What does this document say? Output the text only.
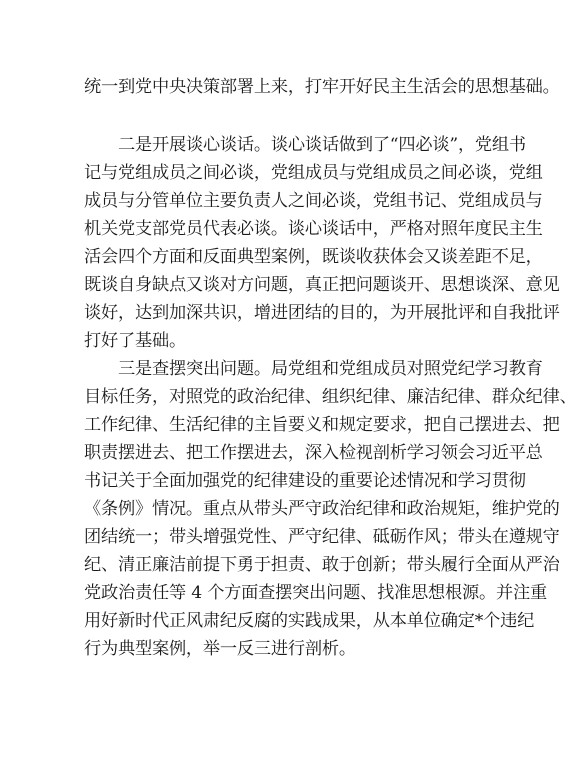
统一到党中央决策部署上来，打牢开好民主生活会的思想基础。
二是开展谈心谈话。谈心谈话做到了“四必谈”，党组书
记与党组成员之间必谈，党组成员与党组成员之间必谈，党组
成员与分管单位主要负责人之间必谈，党组书记、党组成员与
机关党支部党员代表必谈。谈心谈话中，严格对照年度民主生
活会四个方面和反面典型案例，既谈收获体会又谈差距不足，
既谈自身缺点又谈对方问题，真正把问题谈开、思想谈深、意见
谈好，达到加深共识，增进团结的目的，为开展批评和自我批评
打好了基础。
三是查摆突出问题。局党组和党组成员对照党纪学习教育
目标任务，对照党的政治纪律、组织纪律、廉洁纪律、群众纪律、
工作纪律、生活纪律的主旨要义和规定要求，把自己摆进去、把
职责摆进去、把工作摆进去，深入检视剖析学习领会习近平总
书记关于全面加强党的纪律建设的重要论述情况和学习贯彻
《条例》情况。重点从带头严守政治纪律和政治规矩，维护党的
团结统一；带头增强党性、严守纪律、砥砺作风；带头在遵规守
纪、清正廉洁前提下勇于担责、敢于创新；带头履行全面从严治
党政治责任等 4 个方面查摆突出问题、找准思想根源。并注重
用好新时代正风肃纪反腐的实践成果，从本单位确定*个违纪
行为典型案例，举一反三进行剖析。
